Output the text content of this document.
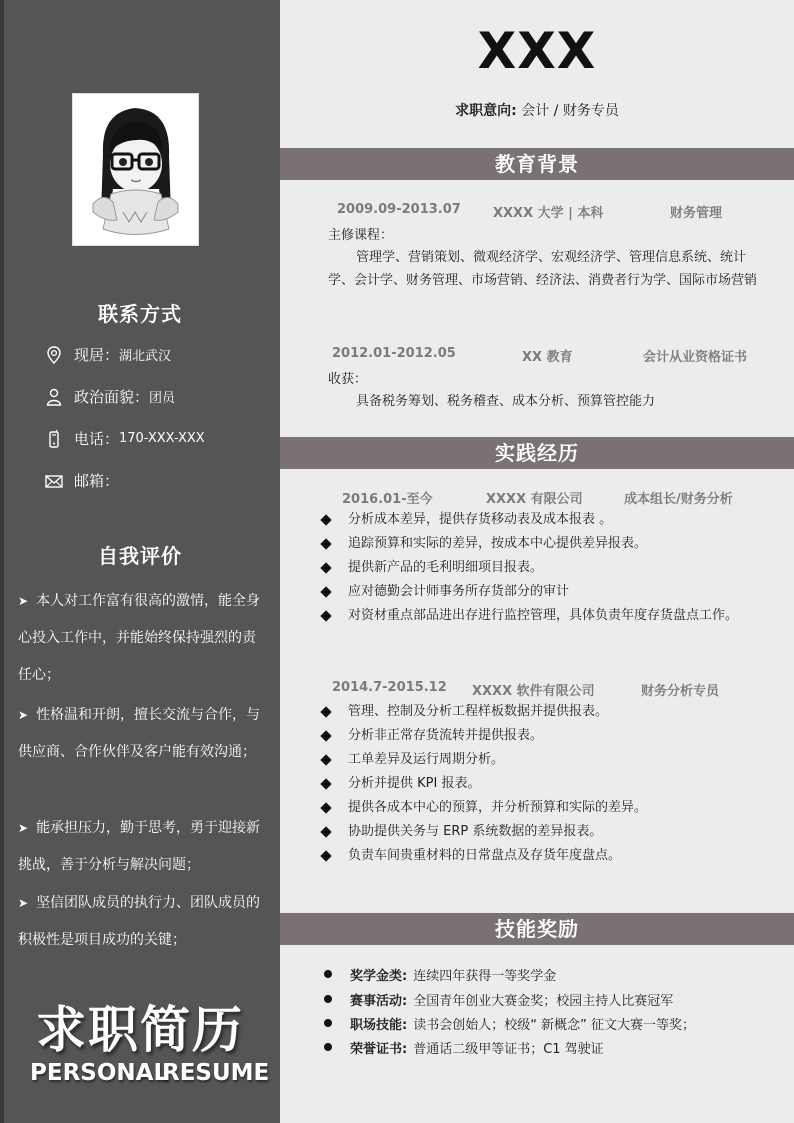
联系方式
现居： 湖北武汉
政治面貌： 团员
电话： 170-XXX-XXX
邮箱：
自我评价
➤ 本人对工作富有很高的激情，能全身心投入工作中，并能始终保持强烈的责任心；
➤ 性格温和开朗，擅长交流与合作，与供应商、合作伙伴及客户能有效沟通；
➤ 能承担压力，勤于思考，勇于迎接新挑战，善于分析与解决问题；
➤ 坚信团队成员的执行力、团队成员的积极性是项目成功的关键；
求职简历
PERSONAL
RESUME
XXX
求职意向: 会计 / 财务专员
教育背景
2009.09-2013.07 XXXX 大学 | 本科	财务管理
主修课程：
管理学、营销策划、微观经济学、宏观经济学、管理信息系统、统计学、会计学、财务管理、市场营销、经济法、消费者行为学、国际市场营销
2012.01-2012.05	XX 教育	会计从业资格证书
收获：
具备税务筹划、税务稽查、成本分析、预算管控能力
实践经历
2016.01-至今	XXXX 有限公司	成本组长/财务分析
分析成本差异，提供存货移动表及成本报表 。
追踪预算和实际的差异，按成本中心提供差异报表。
提供新产品的毛利明细项目报表。
应对德勤会计师事务所存货部分的审计
对资材重点部品进出存进行监控管理，具体负责年度存货盘点工作。
2014.7-2015.12 XXXX 软件有限公司	财务分析专员
管理、控制及分析工程样板数据并提供报表。
分析非正常存货流转并提供报表。
工单差异及运行周期分析。
分析并提供 KPI 报表。
提供各成本中心的预算，并分析预算和实际的差异。
协助提供关务与 ERP 系统数据的差异报表。
负责车间贵重材料的日常盘点及存货年度盘点。
技能奖励
奖学金类: 连续四年获得一等奖学金
赛事活动: 全国青年创业大赛金奖；校园主持人比赛冠军
职场技能: 读书会创始人；校级“ 新概念” 征文大赛一等奖；
荣誉证书: 普通话二级甲等证书；C1 驾驶证
